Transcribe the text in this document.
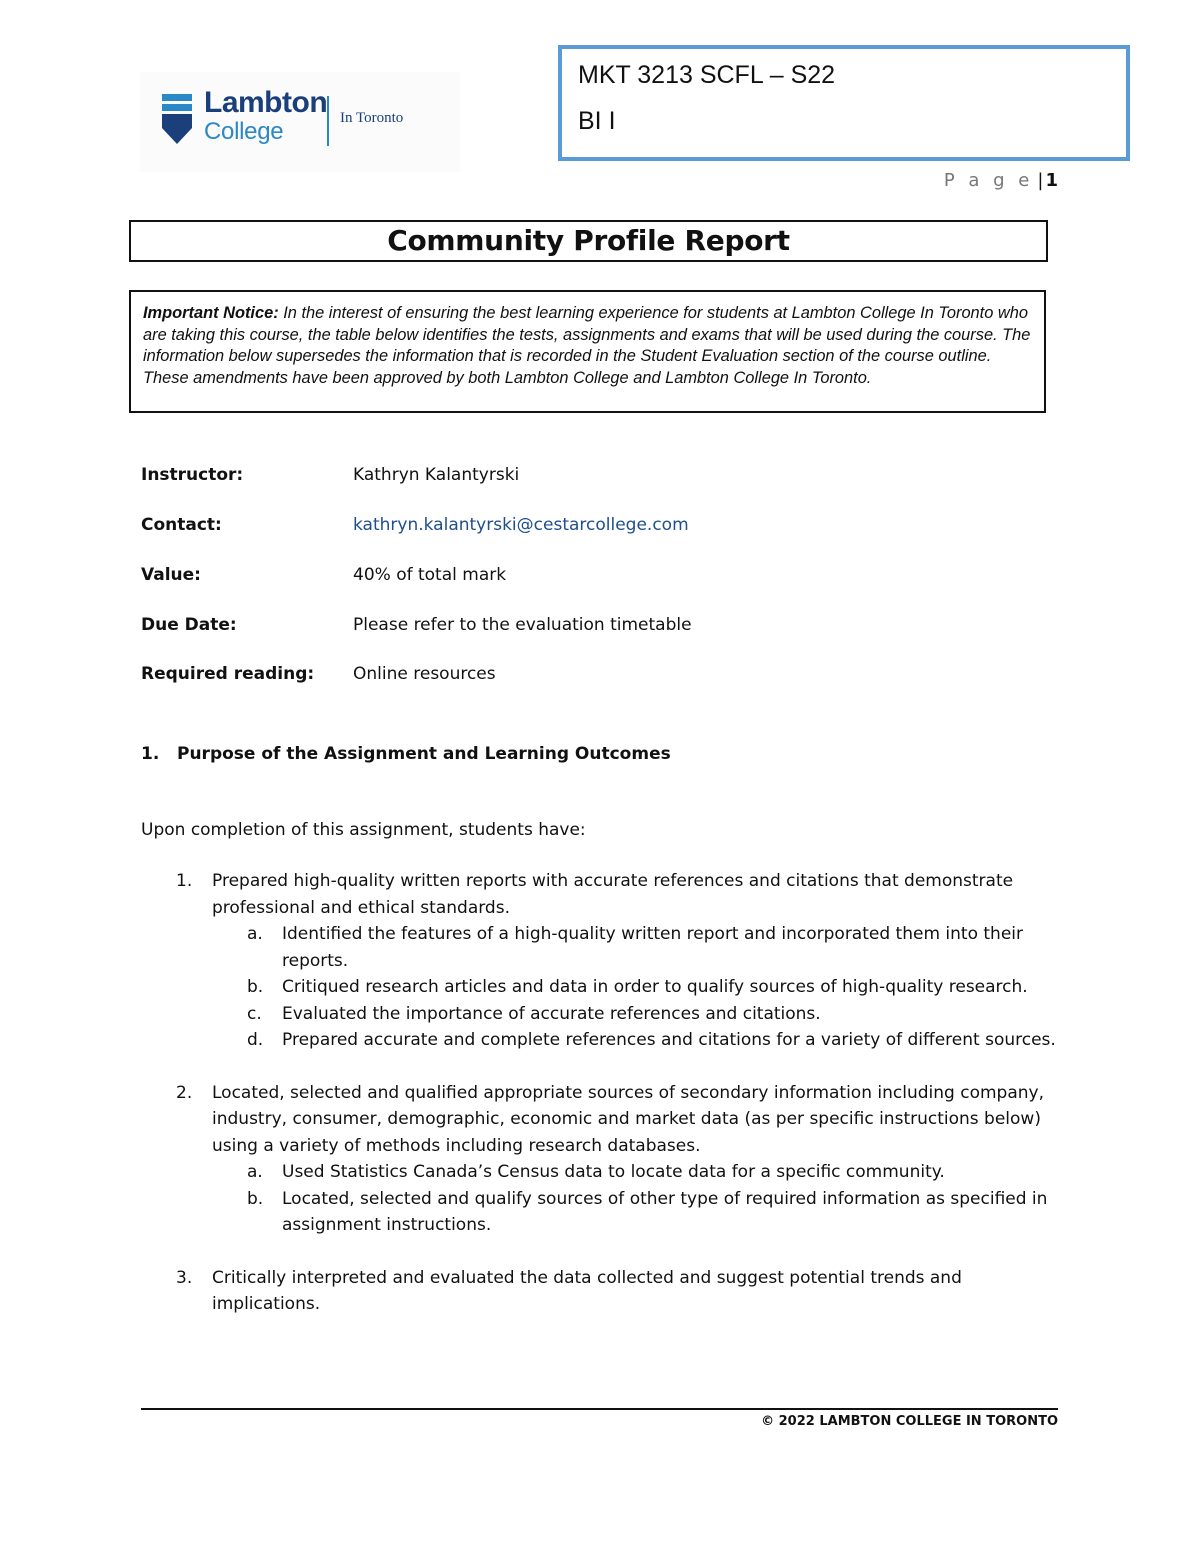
Lambton
College	In Toronto
MKT 3213 SCFL – S22
BI I
P a g e | 1
Community Profile Report

Important Notice: In the interest of ensuring the best learning experience for students at Lambton College In Toronto who are taking this course, the table below identifies the tests, assignments and exams that will be used during the course. The information below supersedes the information that is recorded in the Student Evaluation section of the course outline. These amendments have been approved by both Lambton College and Lambton College In Toronto.

Instructor:	Kathryn Kalantyrski
Contact:	kathryn.kalantyrski@cestarcollege.com
Value:	40% of total mark
Due Date:	Please refer to the evaluation timetable
Required reading: Online resources
1. Purpose of the Assignment and Learning Outcomes
Upon completion of this assignment, students have:
1. Prepared high-quality written reports with accurate references and citations that demonstrate professional and ethical standards.
a. Identified the features of a high-quality written report and incorporated them into their reports.
b. Critiqued research articles and data in order to qualify sources of high-quality research.
c. Evaluated the importance of accurate references and citations.
d. Prepared accurate and complete references and citations for a variety of different sources.
2. Located, selected and qualified appropriate sources of secondary information including company, industry, consumer, demographic, economic and market data (as per specific instructions below) using a variety of methods including research databases.
a. Used Statistics Canada’s Census data to locate data for a specific community.
b. Located, selected and qualify sources of other type of required information as specified in assignment instructions.
3. Critically interpreted and evaluated the data collected and suggest potential trends and implications.
© 2022 LAMBTON COLLEGE IN TORONTO
